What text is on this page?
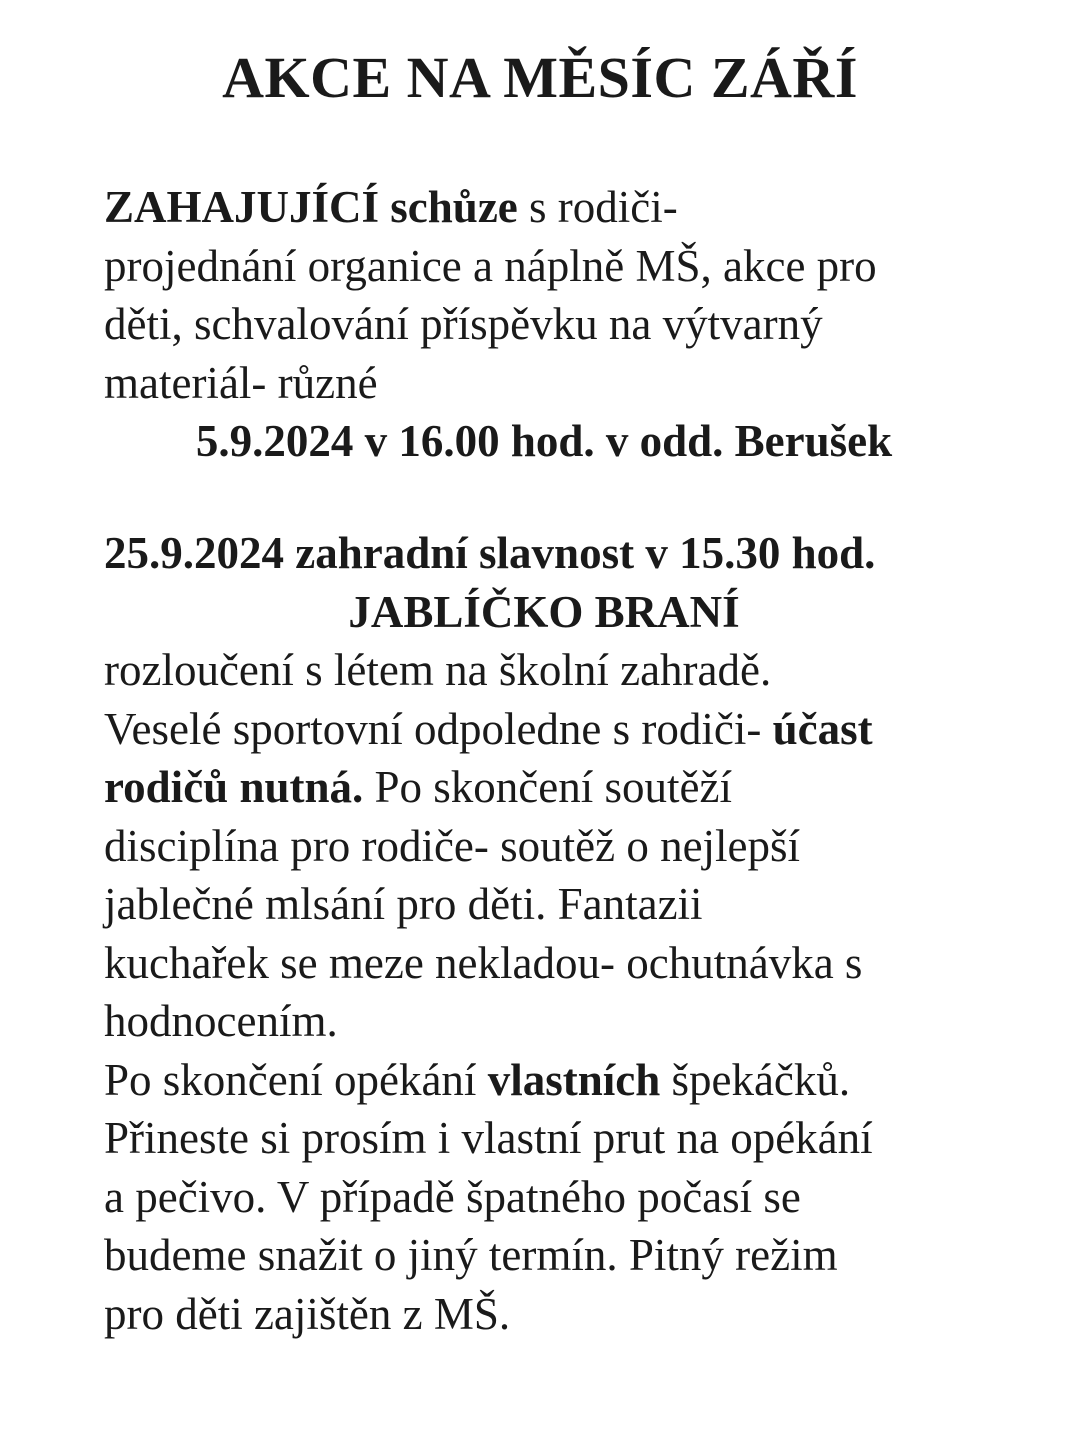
AKCE NA MĚSÍC ZÁŘÍ

ZAHAJUJÍCÍ schůze s rodiči-

projednání organice a náplně MŠ, akce pro

děti, schvalování příspěvku na výtvarný

materiál- různé

5.9.2024 v 16.00 hod. v odd. Berušek

25.9.2024 zahradní slavnost v 15.30 hod.

JABLÍČKO BRANÍ

rozloučení s létem na školní zahradě.

Veselé sportovní odpoledne s rodiči- účast

rodičů nutná. Po skončení soutěží

disciplína pro rodiče- soutěž o nejlepší

jablečné mlsání pro děti. Fantazii

kuchařek se meze nekladou- ochutnávka s

hodnocením.

Po skončení opékání vlastních špekáčků.

Přineste si prosím i vlastní prut na opékání

a pečivo. V případě špatného počasí se

budeme snažit o jiný termín. Pitný režim

pro děti zajištěn z MŠ.
